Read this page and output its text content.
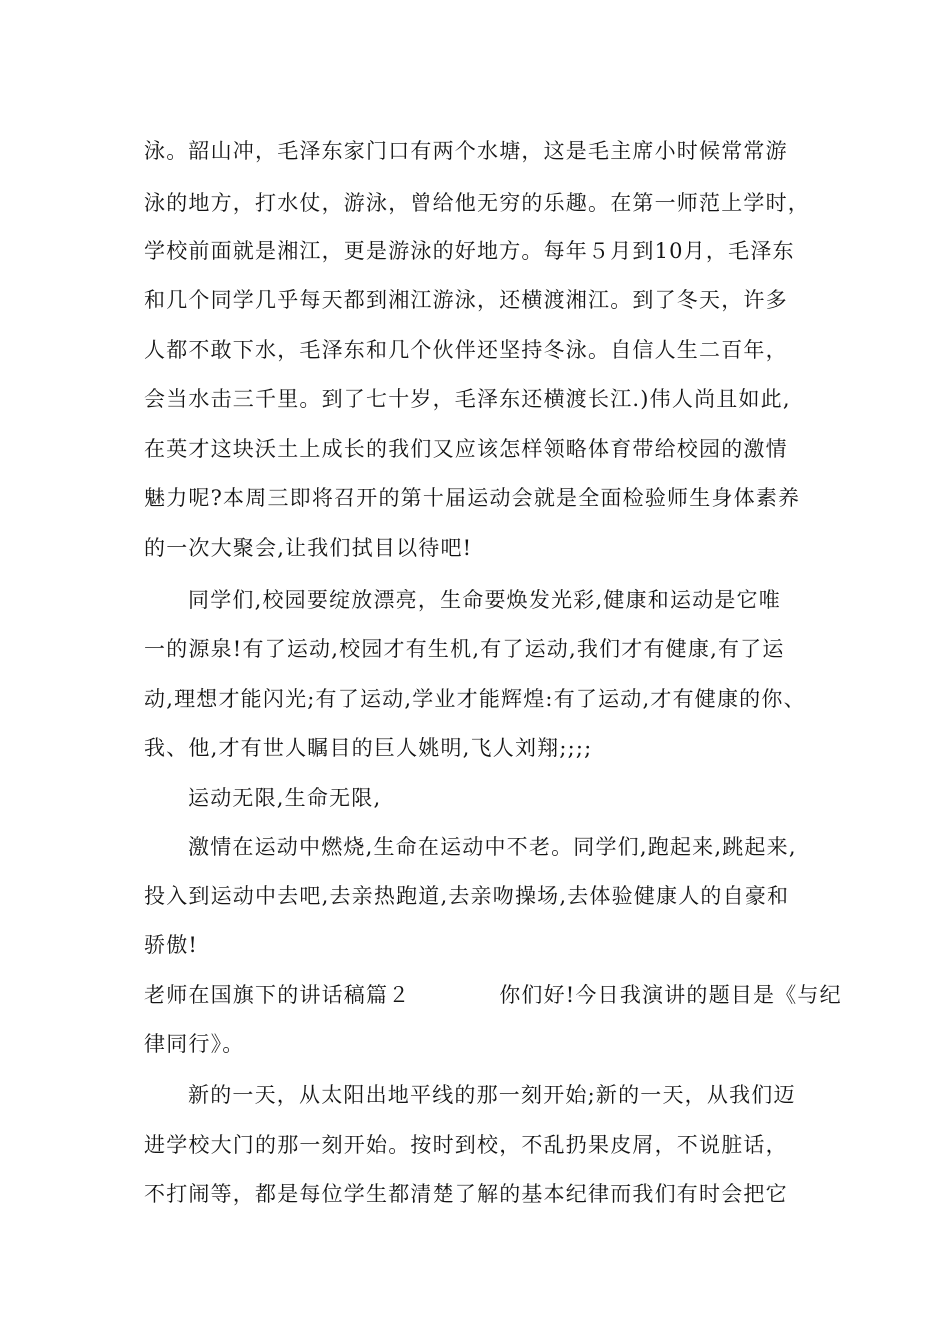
泳。韶山冲，毛泽东家门口有两个水塘，这是毛主席小时候常常游
泳的地方，打水仗，游泳，曾给他无穷的乐趣。在第一师范上学时，
学校前面就是湘江，更是游泳的好地方。每年５月到10月，毛泽东
和几个同学几乎每天都到湘江游泳，还横渡湘江。到了冬天，许多
人都不敢下水，毛泽东和几个伙伴还坚持冬泳。自信人生二百年，
会当水击三千里。到了七十岁，毛泽东还横渡长江.)伟人尚且如此,
在英才这块沃土上成长的我们又应该怎样领略体育带给校园的激情
魅力呢?本周三即将召开的第十届运动会就是全面检验师生身体素养
的一次大聚会,让我们拭目以待吧!
同学们,校园要绽放漂亮，生命要焕发光彩,健康和运动是它唯
一的源泉!有了运动,校园才有生机,有了运动,我们才有健康,有了运
动,理想才能闪光;有了运动,学业才能辉煌:有了运动,才有健康的你、
我、他,才有世人瞩目的巨人姚明,飞人刘翔;;;;
运动无限,生命无限,
激情在运动中燃烧,生命在运动中不老。同学们,跑起来,跳起来,
投入到运动中去吧,去亲热跑道,去亲吻操场,去体验健康人的自豪和
骄傲!
老师在国旗下的讲话稿篇２　　　　你们好!今日我演讲的题目是《与纪
律同行》。
新的一天，从太阳出地平线的那一刻开始;新的一天，从我们迈
进学校大门的那一刻开始。按时到校，不乱扔果皮屑，不说脏话，
不打闹等，都是每位学生都清楚了解的基本纪律而我们有时会把它
